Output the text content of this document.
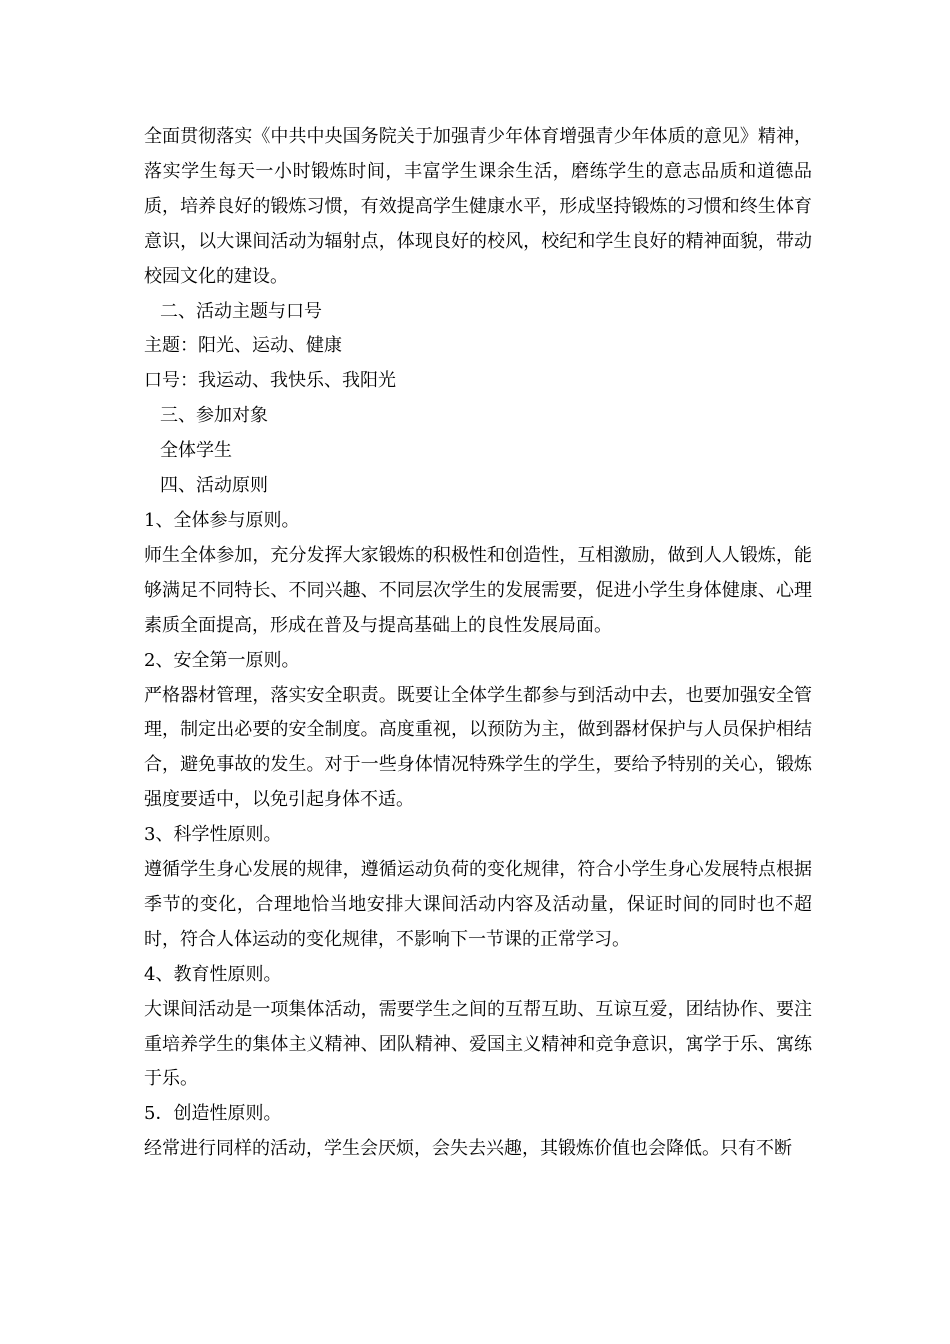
全面贯彻落实《中共中央国务院关于加强青少年体育增强青少年体质的意见》精神，落实学生每天一小时锻炼时间，丰富学生课余生活，磨练学生的意志品质和道德品质，培养良好的锻炼习惯，有效提高学生健康水平，形成坚持锻炼的习惯和终生体育意识，以大课间活动为辐射点，体现良好的校风，校纪和学生良好的精神面貌，带动校园文化的建设。

二、活动主题与口号

主题：阳光、运动、健康

口号：我运动、我快乐、我阳光

三、参加对象

全体学生

四、活动原则

1、全体参与原则。

师生全体参加，充分发挥大家锻炼的积极性和创造性，互相激励，做到人人锻炼，能够满足不同特长、不同兴趣、不同层次学生的发展需要，促进小学生身体健康、心理素质全面提高，形成在普及与提高基础上的良性发展局面。

2、安全第一原则。

严格器材管理，落实安全职责。既要让全体学生都参与到活动中去，也要加强安全管理，制定出必要的安全制度。高度重视，以预防为主，做到器材保护与人员保护相结合，避免事故的发生。对于一些身体情况特殊学生的学生，要给予特别的关心，锻炼强度要适中，以免引起身体不适。

3、科学性原则。

遵循学生身心发展的规律，遵循运动负荷的变化规律，符合小学生身心发展特点根据季节的变化，合理地恰当地安排大课间活动内容及活动量，保证时间的同时也不超时，符合人体运动的变化规律，不影响下一节课的正常学习。

4、教育性原则。

大课间活动是一项集体活动，需要学生之间的互帮互助、互谅互爱，团结协作、要注重培养学生的集体主义精神、团队精神、爱国主义精神和竞争意识，寓学于乐、寓练于乐。

5．创造性原则。

经常进行同样的活动，学生会厌烦，会失去兴趣，其锻炼价值也会降低。只有不断
